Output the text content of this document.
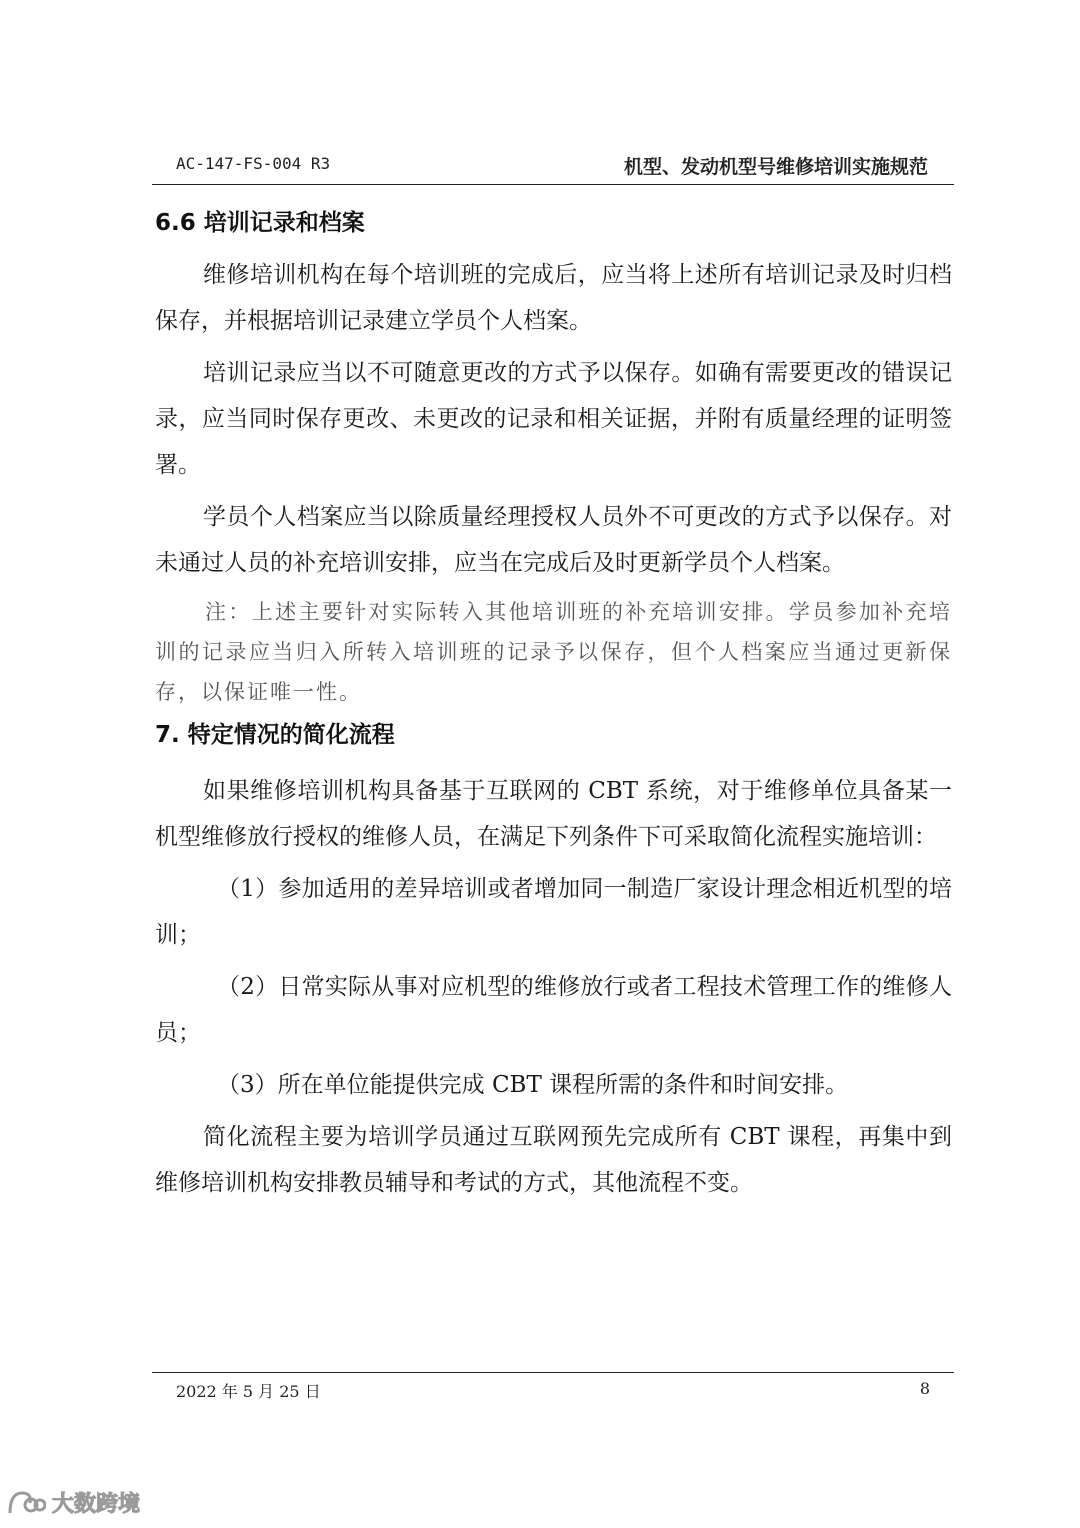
AC-147-FS-004 R3	机型、发动机型号维修培训实施规范
6.6 培训记录和档案

维修培训机构在每个培训班的完成后，应当将上述所有培训记录及时归档保存，并根据培训记录建立学员个人档案。

培训记录应当以不可随意更改的方式予以保存。如确有需要更改的错误记录，应当同时保存更改、未更改的记录和相关证据，并附有质量经理的证明签署。

学员个人档案应当以除质量经理授权人员外不可更改的方式予以保存。对未通过人员的补充培训安排，应当在完成后及时更新学员个人档案。

注：上述主要针对实际转入其他培训班的补充培训安排。学员参加补充培训的记录应当归入所转入培训班的记录予以保存，但个人档案应当通过更新保存，以保证唯一性。

7. 特定情况的简化流程

如果维修培训机构具备基于互联网的 CBT 系统，对于维修单位具备某一机型维修放行授权的维修人员，在满足下列条件下可采取简化流程实施培训：

（1）参加适用的差异培训或者增加同一制造厂家设计理念相近机型的培训；

（2）日常实际从事对应机型的维修放行或者工程技术管理工作的维修人员；

（3）所在单位能提供完成 CBT 课程所需的条件和时间安排。

简化流程主要为培训学员通过互联网预先完成所有 CBT 课程，再集中到维修培训机构安排教员辅导和考试的方式，其他流程不变。

2022 年 5 月 25 日	8
大数跨境
